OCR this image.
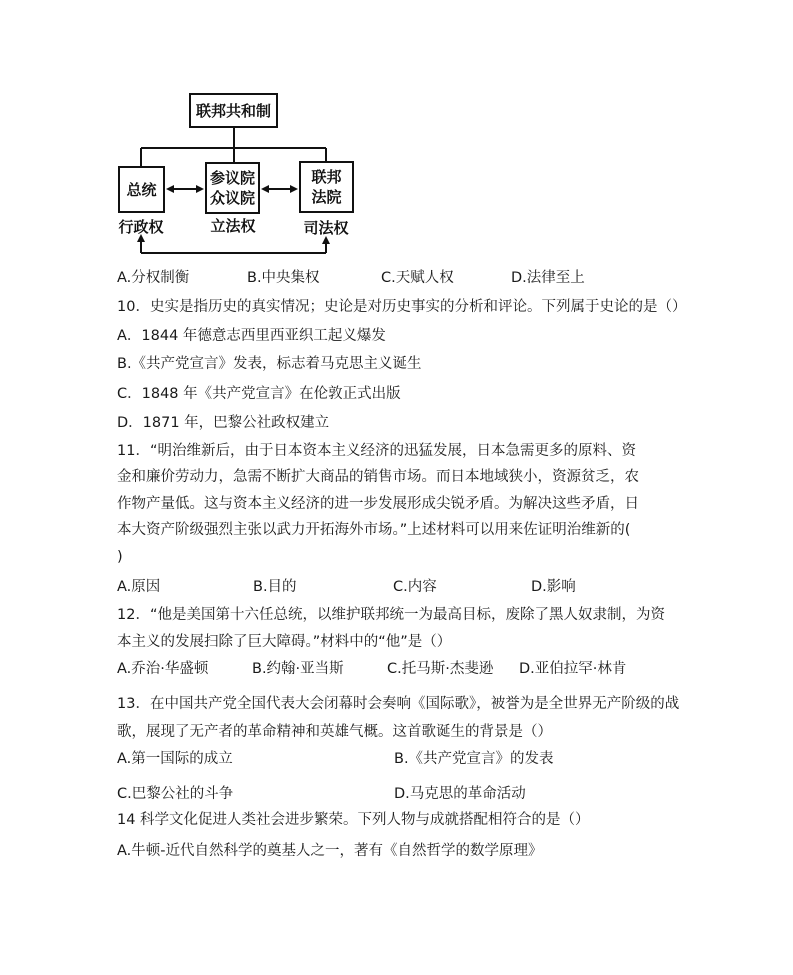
联邦共和制
总统
参议院
众议院
联邦
法院
行政权	立法权	司法权
A.分权制衡	B.中央集权	C.天赋人权	D.法律至上
10．史实是指历史的真实情况；史论是对历史事实的分析和评论。下列属于史论的是（）
A．1844 年德意志西里西亚织工起义爆发
B.《共产党宣言》发表，标志着马克思主义诞生
C．1848 年《共产党宣言》在伦敦正式出版
D．1871 年，巴黎公社政权建立
11．“明治维新后，由于日本资本主义经济的迅猛发展，日本急需更多的原料、资
金和廉价劳动力，急需不断扩大商品的销售市场。而日本地域狭小，资源贫乏，农
作物产量低。这与资本主义经济的进一步发展形成尖锐矛盾。为解决这些矛盾，日
本大资产阶级强烈主张以武力开拓海外市场。”上述材料可以用来佐证明治维新的(
)
A.原因	B.目的	C.内容	D.影响
12．“他是美国第十六任总统，以维护联邦统一为最高目标，废除了黑人奴隶制，为资
本主义的发展扫除了巨大障碍。”材料中的“他”是（）
A.乔治·华盛顿	B.约翰·亚当斯	C.托马斯·杰斐逊 D.亚伯拉罕·林肯
13．在中国共产党全国代表大会闭幕时会奏响《国际歌》，被誉为是全世界无产阶级的战
歌，展现了无产者的革命精神和英雄气概。这首歌诞生的背景是（）
A.第一国际的成立	B.《共产党宣言》的发表
C.巴黎公社的斗争	D.马克思的革命活动
14 科学文化促进人类社会进步繁荣。下列人物与成就搭配相符合的是（）
A.牛顿-近代自然科学的奠基人之一，著有《自然哲学的数学原理》
